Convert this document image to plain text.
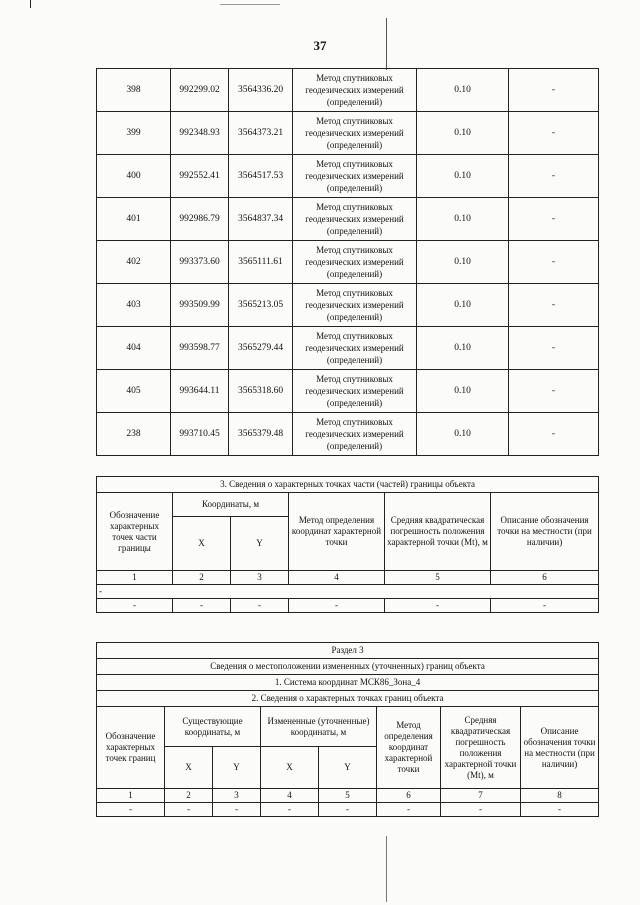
37
398	992299.02	3564336.20	Метод спутниковых геодезических измерений (определений)	0.10	-
399	992348.93	3564373.21	Метод спутниковых геодезических измерений (определений)	0.10	-
400	992552.41	3564517.53	Метод спутниковых геодезических измерений (определений)	0.10	-
401	992986.79	3564837.34	Метод спутниковых геодезических измерений (определений)	0.10	-
402	993373.60	3565111.61	Метод спутниковых геодезических измерений (определений)	0.10	-
403	993509.99	3565213.05	Метод спутниковых геодезических измерений (определений)	0.10	-
404	993598.77	3565279.44	Метод спутниковых геодезических измерений (определений)	0.10	-
405	993644.11	3565318.60	Метод спутниковых геодезических измерений (определений)	0.10	-
238	993710.45	3565379.48	Метод спутниковых геодезических измерений (определений)	0.10	-
3. Сведения о характерных точках части (частей) границы объекта					
Обозначение характерных точек части границы	Координаты, м		Метод определения координат характерной точки	Средняя квадратическая погрешность положения характерной точки (Mt), м	Описание обозначения точки на местности (при наличии)
	X	Y			
1	2	3	4	5	6
-					
-	-	-	-	-	-
Раздел 3							
Сведения о местоположении измененных (уточненных) границ объекта							
1. Система координат МСК86_Зона_4							
2. Сведения о характерных точках границ объекта							
Обозначение характерных точек границ	Существующие координаты, м		Измененные (уточненные) координаты, м		Метод определения координат характерной точки	Средняя квадратическая погрешность положения характерной точки (Mt), м	Описание обозначения точки на местности (при наличии)
	X	Y	X	Y			
1	2	3	4	5	6	7	8
-	-	-	-	-	-	-	-
